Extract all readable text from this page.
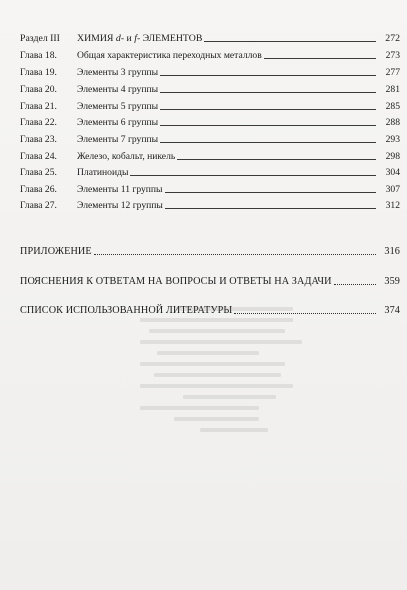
Раздел III	ХИМИЯ d- и f- ЭЛЕМЕНТОВ	272
Глава 18.	Общая характеристика переходных металлов	273
Глава 19.	Элементы 3 группы	277
Глава 20.	Элементы 4 группы	281
Глава 21.	Элементы 5 группы	285
Глава 22.	Элементы 6 группы	288
Глава 23.	Элементы 7 группы	293
Глава 24.	Железо, кобальт, никель	298
Глава 25.	Платиноиды	304
Глава 26.	Элементы 11 группы	307
Глава 27.	Элементы 12 группы	312
ПРИЛОЖЕНИЕ	316
ПОЯСНЕНИЯ К ОТВЕТАМ НА ВОПРОСЫ И ОТВЕТЫ НА ЗАДАЧИ	359
СПИСОК ИСПОЛЬЗОВАННОЙ ЛИТЕРАТУРЫ	374
